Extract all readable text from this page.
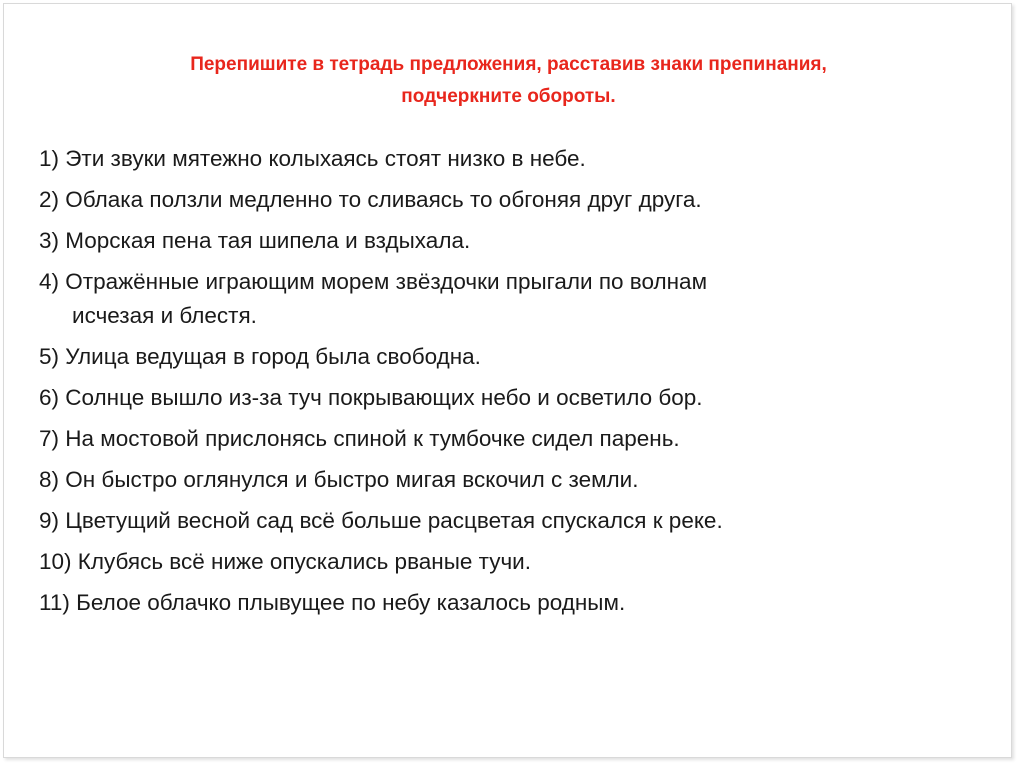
Перепишите в тетрадь предложения, расставив знаки препинания,
подчеркните обороты.
1) Эти звуки мятежно колыхаясь стоят низко в небе.
2) Облака ползли медленно то сливаясь то обгоняя друг друга.
3) Морская пена тая шипела и вздыхала.
4) Отражённые играющим морем звёздочки прыгали по волнам
исчезая и блестя.
5) Улица ведущая в город была свободна.
6) Солнце вышло из-за туч покрывающих небо и осветило бор.
7) На мостовой прислонясь спиной к тумбочке сидел парень.
8) Он быстро оглянулся и быстро мигая вскочил с земли.
9) Цветущий весной сад всё больше расцветая спускался к реке.
10) Клубясь всё ниже опускались рваные тучи.
11) Белое облачко плывущее по небу казалось родным.
